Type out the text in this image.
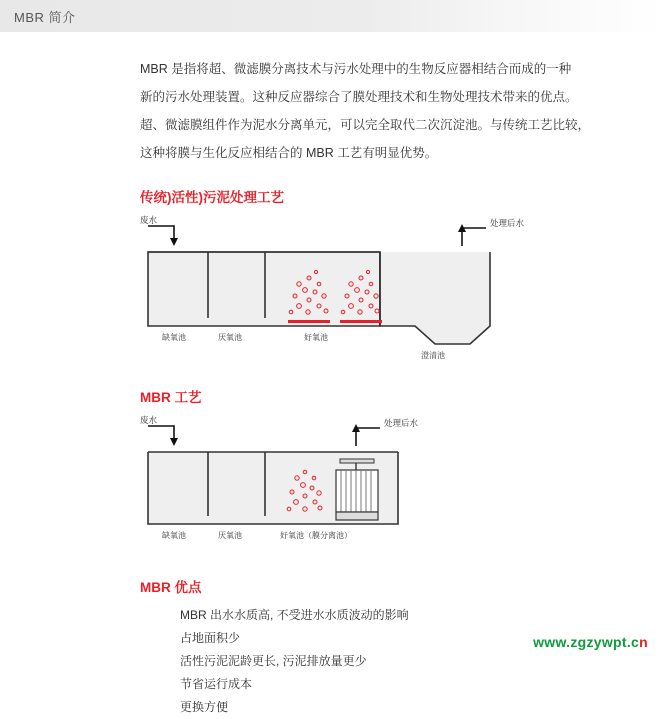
MBR 简介

MBR 是指将超、微滤膜分离技术与污水处理中的生物反应器相结合而成的一种

新的污水处理装置。这种反应器综合了膜处理技术和生物处理技术带来的优点。

超、微滤膜组件作为泥水分离单元，可以完全取代二次沉淀池。与传统工艺比较，

这种将膜与生化反应相结合的 MBR 工艺有明显优势。

传统)活性)污泥处理工艺
废水	处理后水
缺氧池	厌氧池	好氧池
澄清池
MBR 工艺
废水	处理后水
缺氧池	厌氧池	好氧池（膜分离池）
MBR 优点
MBR 出水水质高, 不受进水水质波动的影响
占地面积少
活性污泥泥龄更长, 污泥排放量更少
节省运行成本
更换方便
www.zgzywpt.cn
